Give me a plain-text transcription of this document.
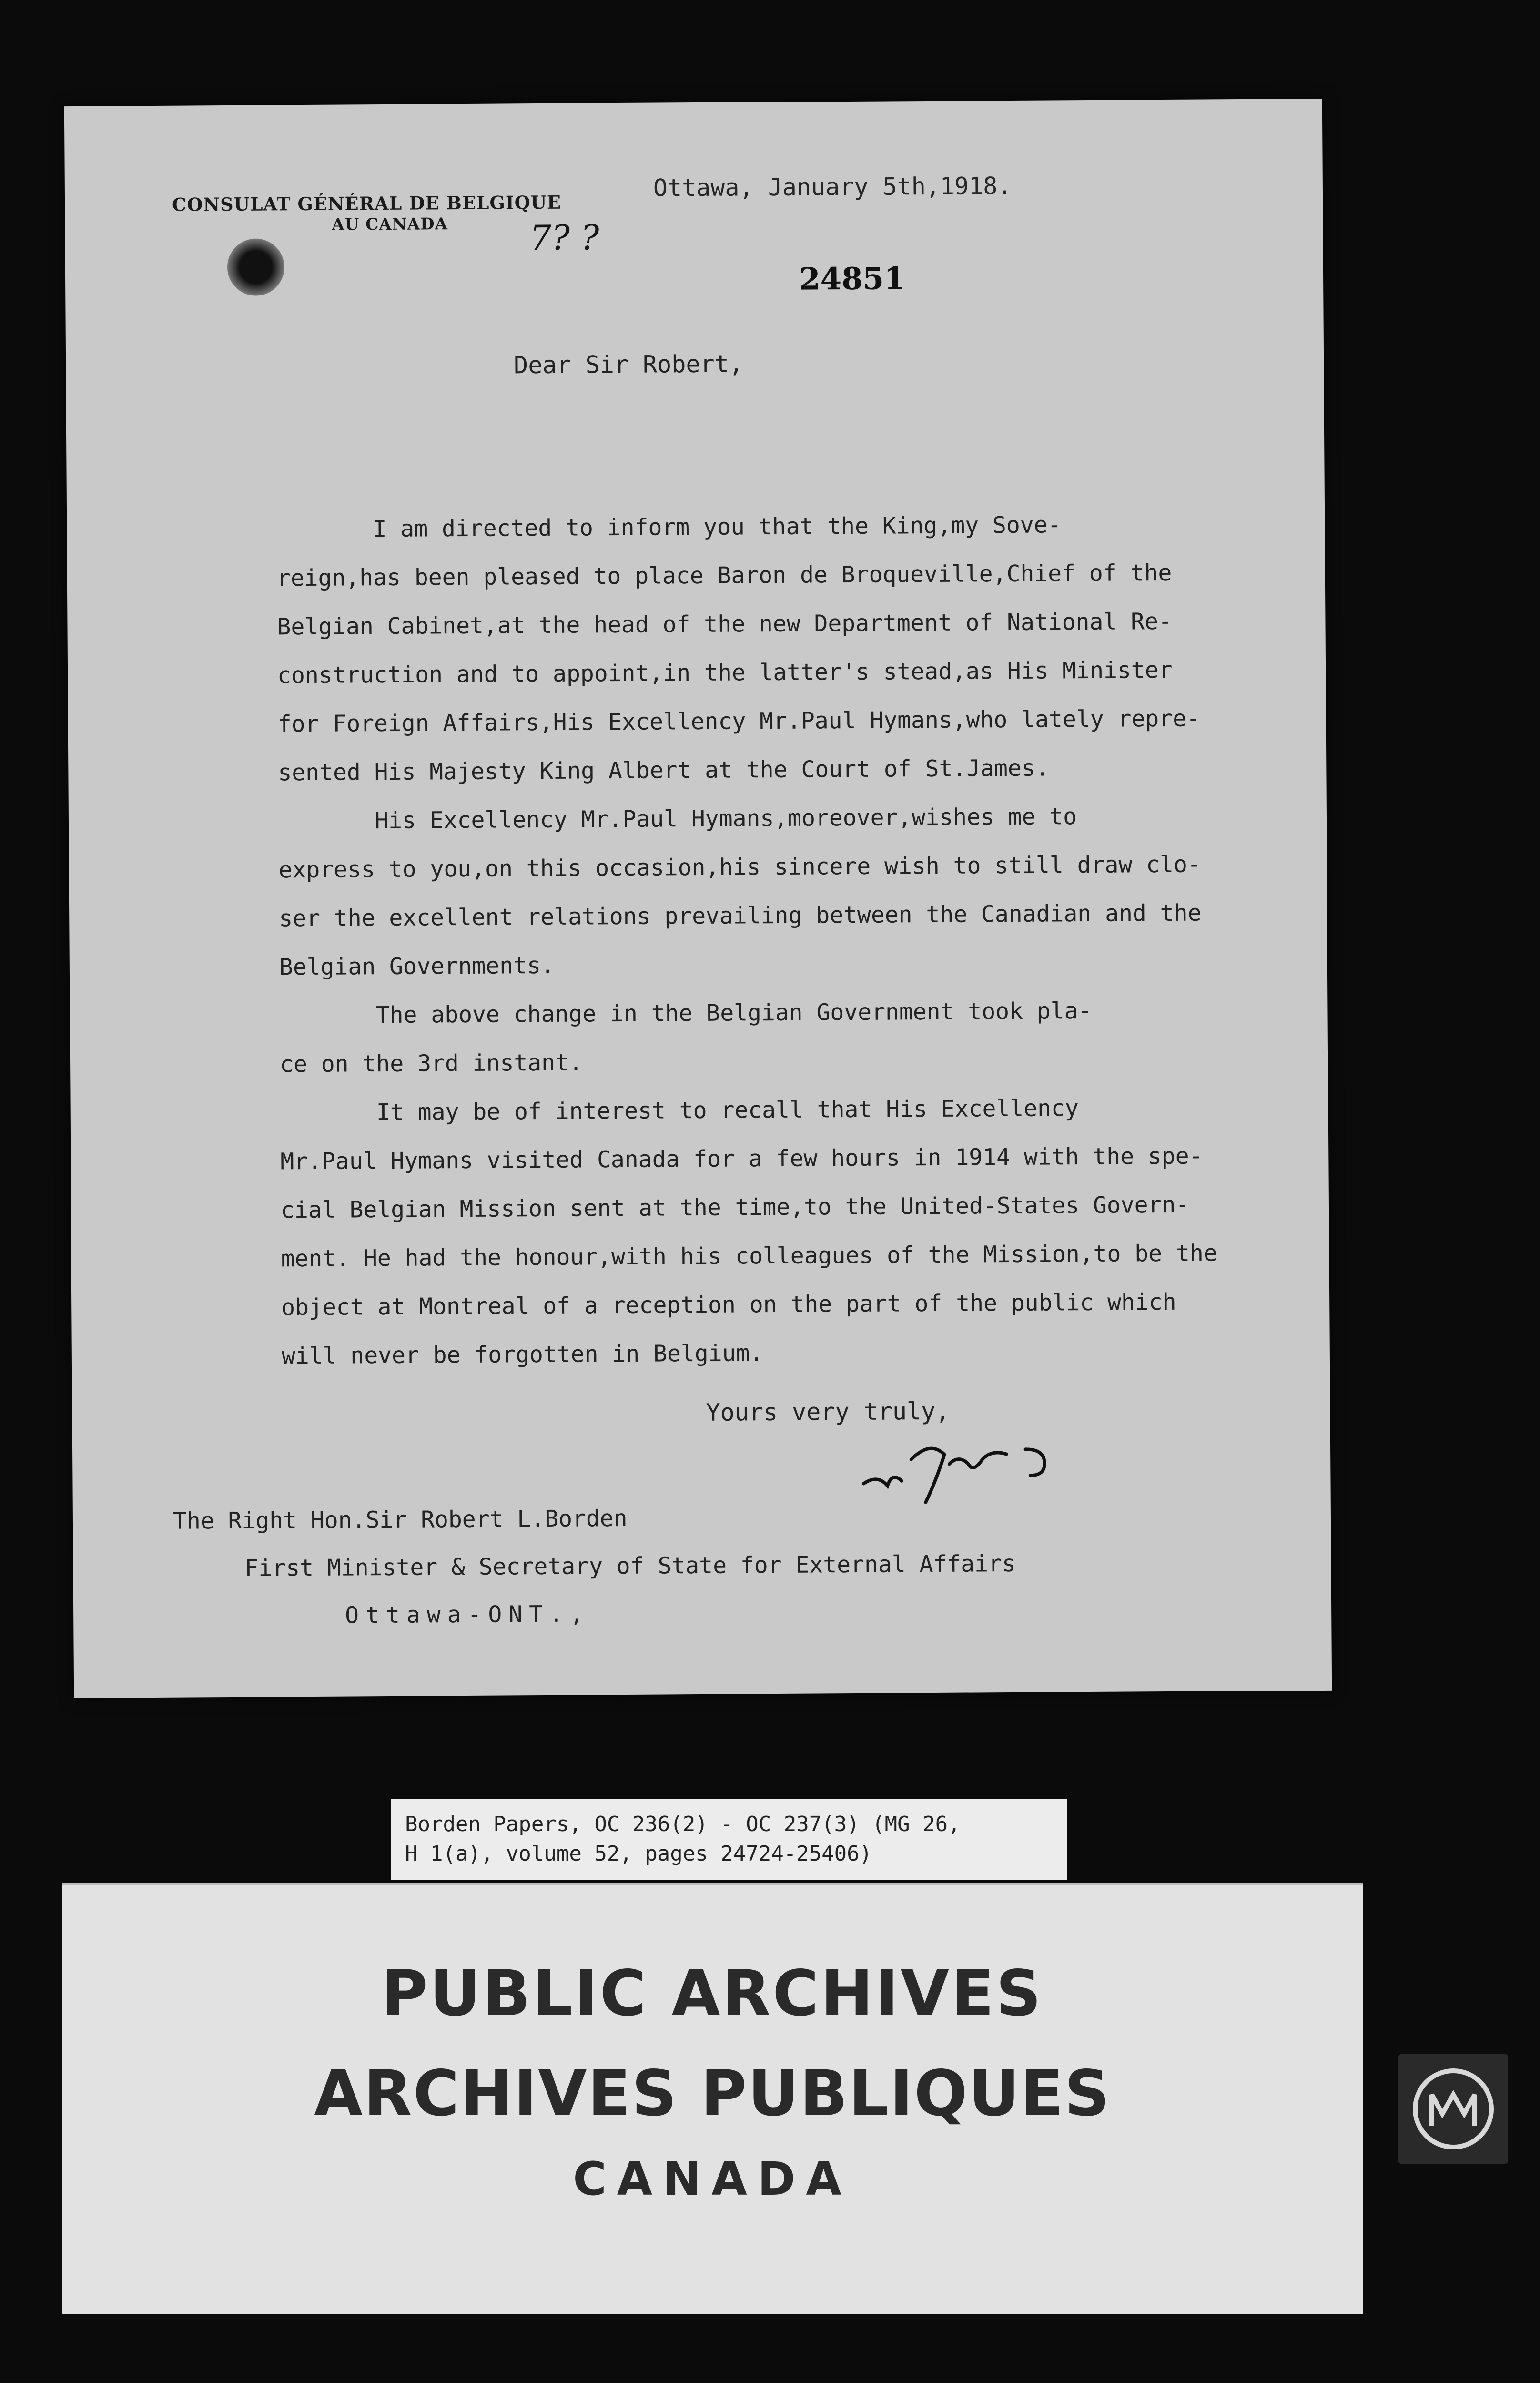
CONSULAT GÉNÉRAL DE BELGIQUE
AU CANADA
Ottawa, January 5th,1918.
7? ?
24851
Dear Sir Robert,

I am directed to inform you that the King,my Sove-
reign,has been pleased to place Baron de Broqueville,Chief of the
Belgian Cabinet,at the head of the new Department of National Re-
construction and to appoint,in the latter's stead,as His Minister
for Foreign Affairs,His Excellency Mr.Paul Hymans,who lately repre-
sented His Majesty King Albert at the Court of St.James.

His Excellency Mr.Paul Hymans,moreover,wishes me to
express to you,on this occasion,his sincere wish to still draw clo-
ser the excellent relations prevailing between the Canadian and the
Belgian Governments.

The above change in the Belgian Government took pla-
ce on the 3rd instant.

It may be of interest to recall that His Excellency
Mr.Paul Hymans visited Canada for a few hours in 1914 with the spe-
cial Belgian Mission sent at the time,to the United-States Govern-
ment. He had the honour,with his colleagues of the Mission,to be the
object at Montreal of a reception on the part of the public which
will never be forgotten in Belgium.

Yours very truly,
The Right Hon.Sir Robert L.Borden
First Minister & Secretary of State for External Affairs
Ottawa-ONT.,
Borden Papers, OC 236(2) - OC 237(3) (MG 26,
H 1(a), volume 52, pages 24724-25406)
PUBLIC ARCHIVES
ARCHIVES PUBLIQUES
CANADA
